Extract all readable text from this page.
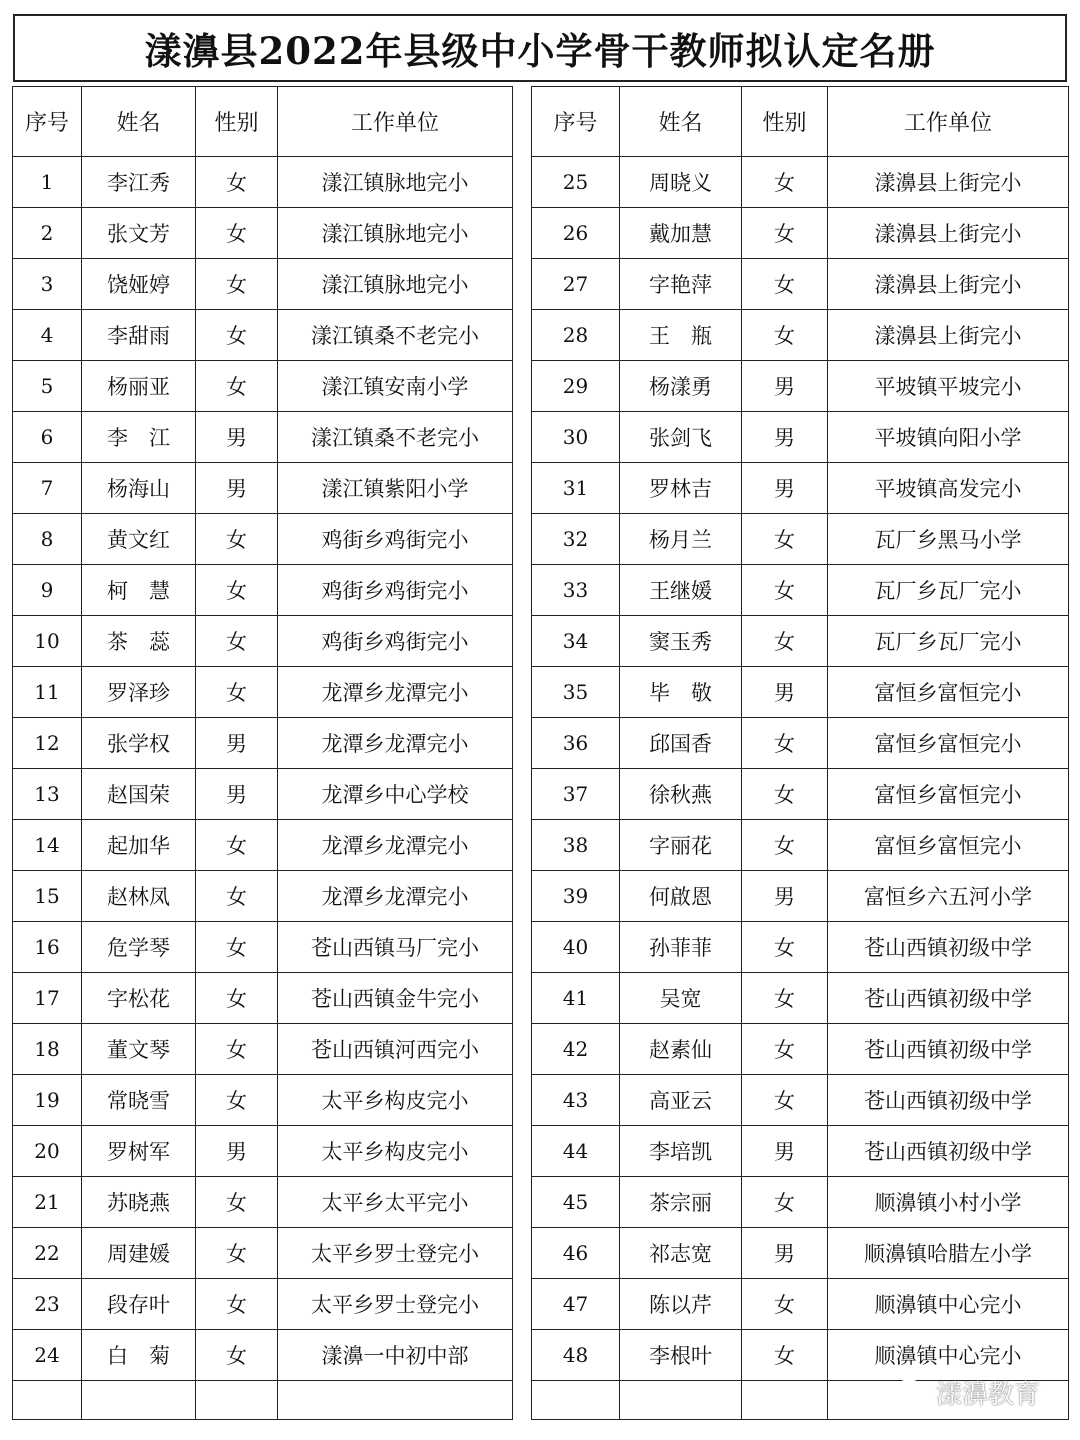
漾濞县2022年县级中小学骨干教师拟认定名册
序号	姓名	性别	工作单位
1	李江秀	女	漾江镇脉地完小
2	张文芳	女	漾江镇脉地完小
3	饶娅婷	女	漾江镇脉地完小
4	李甜雨	女	漾江镇桑不老完小
5	杨丽亚	女	漾江镇安南小学
6	李　江	男	漾江镇桑不老完小
7	杨海山	男	漾江镇紫阳小学
8	黄文红	女	鸡街乡鸡街完小
9	柯　慧	女	鸡街乡鸡街完小
10	茶　蕊	女	鸡街乡鸡街完小
11	罗泽珍	女	龙潭乡龙潭完小
12	张学权	男	龙潭乡龙潭完小
13	赵国荣	男	龙潭乡中心学校
14	起加华	女	龙潭乡龙潭完小
15	赵林凤	女	龙潭乡龙潭完小
16	危学琴	女	苍山西镇马厂完小
17	字松花	女	苍山西镇金牛完小
18	董文琴	女	苍山西镇河西完小
19	常晓雪	女	太平乡构皮完小
20	罗树军	男	太平乡构皮完小
21	苏晓燕	女	太平乡太平完小
22	周建媛	女	太平乡罗士登完小
23	段存叶	女	太平乡罗士登完小
24	白　菊	女	漾濞一中初中部

序号	姓名	性别	工作单位
25	周晓义	女	漾濞县上街完小
26	戴加慧	女	漾濞县上街完小
27	字艳萍	女	漾濞县上街完小
28	王　瓶	女	漾濞县上街完小
29	杨漾勇	男	平坡镇平坡完小
30	张剑飞	男	平坡镇向阳小学
31	罗林吉	男	平坡镇高发完小
32	杨月兰	女	瓦厂乡黑马小学
33	王继媛	女	瓦厂乡瓦厂完小
34	窦玉秀	女	瓦厂乡瓦厂完小
35	毕　敬	男	富恒乡富恒完小
36	邱国香	女	富恒乡富恒完小
37	徐秋燕	女	富恒乡富恒完小
38	字丽花	女	富恒乡富恒完小
39	何啟恩	男	富恒乡六五河小学
40	孙菲菲	女	苍山西镇初级中学
41	吴宽	女	苍山西镇初级中学
42	赵素仙	女	苍山西镇初级中学
43	高亚云	女	苍山西镇初级中学
44	李培凯	男	苍山西镇初级中学
45	茶宗丽	女	顺濞镇小村小学
46	祁志宽	男	顺濞镇哈腊左小学
47	陈以芹	女	顺濞镇中心完小
48	李根叶	女	顺濞镇中心完小

漾濞教育
